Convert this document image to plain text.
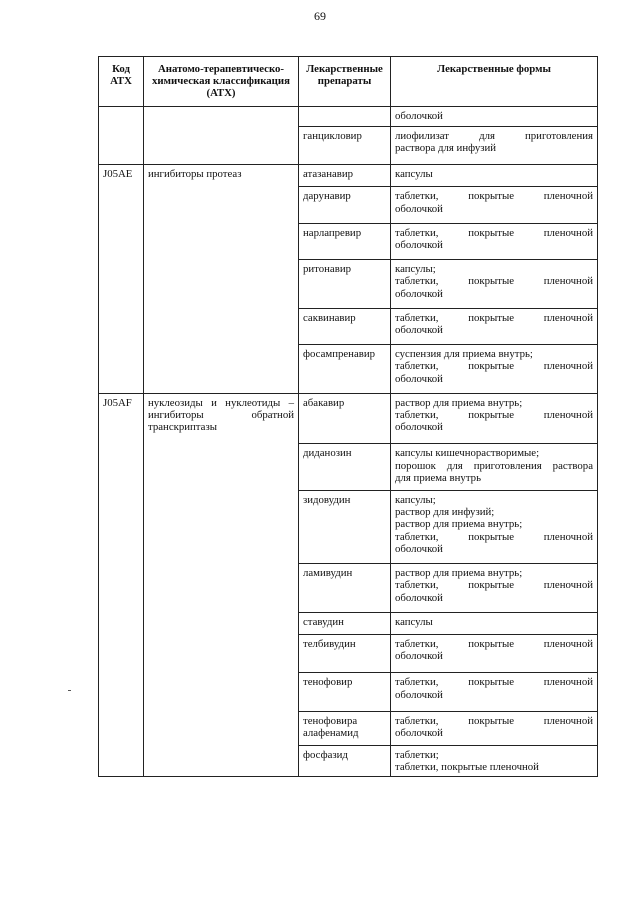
69
Код АТХ	Анатомо-терапевтическо-химическая классификация (АТХ)	Лекарственные препараты	Лекарственные формы

			оболочкой

		ганцикловир	лиофилизат для приготовления
раствора для инфузий

J05AE	ингибиторы протеаз	атазанавир	капсулы

		дарунавир	таблетки, покрытые пленочной
оболочкой

		нарлапревир	таблетки, покрытые пленочной
оболочкой

		ритонавир	капсулы;
таблетки, покрытые пленочной
оболочкой

		саквинавир	таблетки, покрытые пленочной
оболочкой

		фосампренавир	суспензия для приема внутрь;
таблетки, покрытые пленочной
оболочкой

J05AF	нуклеозиды и нуклеотиды – ингибиторы обратной транскриптазы	абакавир	раствор для приема внутрь;
таблетки, покрытые пленочной
оболочкой

		диданозин	капсулы кишечнорастворимые;
порошок для приготовления раствора
для приема внутрь

		зидовудин	капсулы;
раствор для инфузий;
раствор для приема внутрь;
таблетки, покрытые пленочной
оболочкой

		ламивудин	раствор для приема внутрь;
таблетки, покрытые пленочной
оболочкой

		ставудин	капсулы

		телбивудин	таблетки, покрытые пленочной
оболочкой

		тенофовир	таблетки, покрытые пленочной
оболочкой

		тенофовира алафенамид	таблетки, покрытые пленочной
оболочкой

		фосфазид	таблетки;
таблетки, покрытые пленочной
